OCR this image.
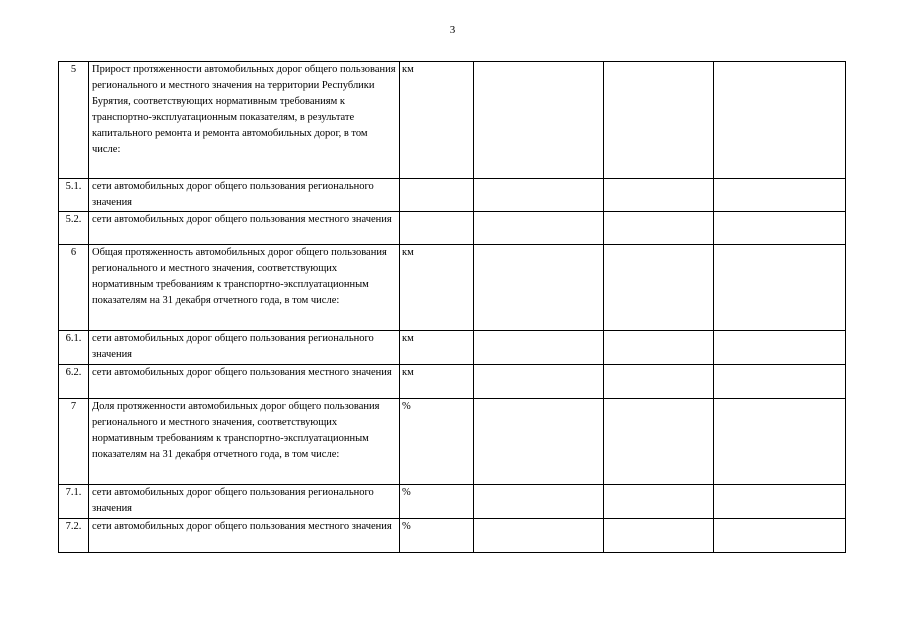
3
5	Прирост протяженности автомобильных дорог общего пользования регионального и местного значения на территории Республики Бурятия, соответствующих нормативным требованиям к транспортно-эксплуатационным показателям, в результате капитального ремонта и ремонта автомобильных дорог, в том числе:	км			
5.1.	сети автомобильных дорог общего пользования регионального значения				
5.2.	сети автомобильных дорог общего пользования местного значения				
6	Общая протяженность автомобильных дорог общего пользования регионального и местного значения, соответствующих нормативным требованиям к транспортно-эксплуатационным показателям на 31 декабря отчетного года, в том числе:	км			
6.1.	сети автомобильных дорог общего пользования регионального значения	км			
6.2.	сети автомобильных дорог общего пользования местного значения	км			
7	Доля протяженности автомобильных дорог общего пользования регионального и местного значения, соответствующих нормативным требованиям к транспортно-эксплуатационным показателям на 31 декабря отчетного года, в том числе:	%			
7.1.	сети автомобильных дорог общего пользования регионального значения	%			
7.2.	сети автомобильных дорог общего пользования местного значения	%			
